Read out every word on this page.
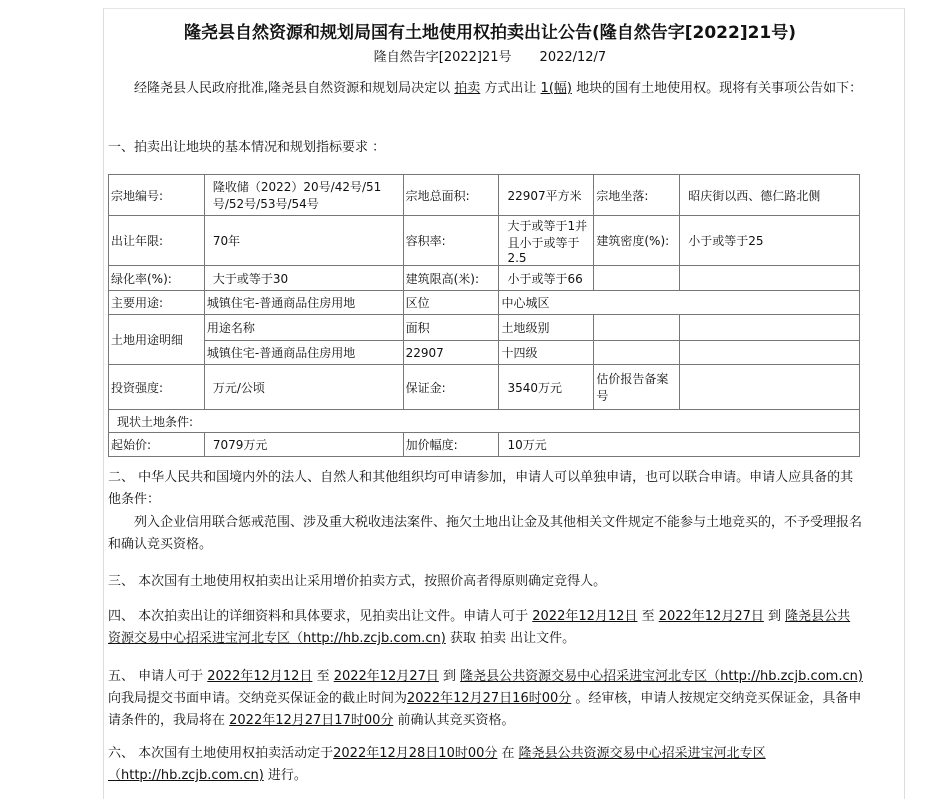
隆尧县自然资源和规划局国有土地使用权拍卖出让公告(隆自然告字[2022]21号)
隆自然告字[2022]21号 2022/12/7
经隆尧县人民政府批准,隆尧县自然资源和规划局决定以 拍卖 方式出让 1(幅) 地块的国有土地使用权。现将有关事项公告如下：
一、拍卖出让地块的基本情况和规划指标要求 ：
宗地编号:	隆收储（2022）20号/42号/51号/52号/53号/54号	宗地总面积:	22907平方米	宗地坐落:	昭庆街以西、德仁路北侧
出让年限:	70年	容积率:	大于或等于1并且小于或等于2.5	建筑密度(%):	小于或等于25
绿化率(%):	大于或等于30	建筑限高(米):	小于或等于66		
主要用途:	城镇住宅-普通商品住房用地	区位	中心城区		
土地用途明细	用途名称	面积	土地级别		
	城镇住宅-普通商品住房用地	22907	十四级		
投资强度:	万元/公顷	保证金:	3540万元	估价报告备案号	
现状土地条件:					
起始价:	7079万元	加价幅度:	10万元		
二、 中华人民共和国境内外的法人、自然人和其他组织均可申请参加，申请人可以单独申请，也可以联合申请。申请人应具备的其他条件：
列入企业信用联合惩戒范围、涉及重大税收违法案件、拖欠土地出让金及其他相关文件规定不能参与土地竞买的，不予受理报名和确认竞买资格。
三、 本次国有土地使用权拍卖出让采用增价拍卖方式，按照价高者得原则确定竞得人。
四、 本次拍卖出让的详细资料和具体要求，见拍卖出让文件。申请人可于 2022年12月12日 至 2022年12月27日 到 隆尧县公共资源交易中心招采进宝河北专区（http://hb.zcjb.com.cn) 获取 拍卖 出让文件。
五、 申请人可于 2022年12月12日 至 2022年12月27日 到 隆尧县公共资源交易中心招采进宝河北专区（http://hb.zcjb.com.cn) 向我局提交书面申请。交纳竞买保证金的截止时间为2022年12月27日16时00分 。经审核，申请人按规定交纳竞买保证金，具备申请条件的，我局将在 2022年12月27日17时00分 前确认其竞买资格。
六、 本次国有土地使用权拍卖活动定于2022年12月28日10时00分 在 隆尧县公共资源交易中心招采进宝河北专区（http://hb.zcjb.com.cn) 进行。
